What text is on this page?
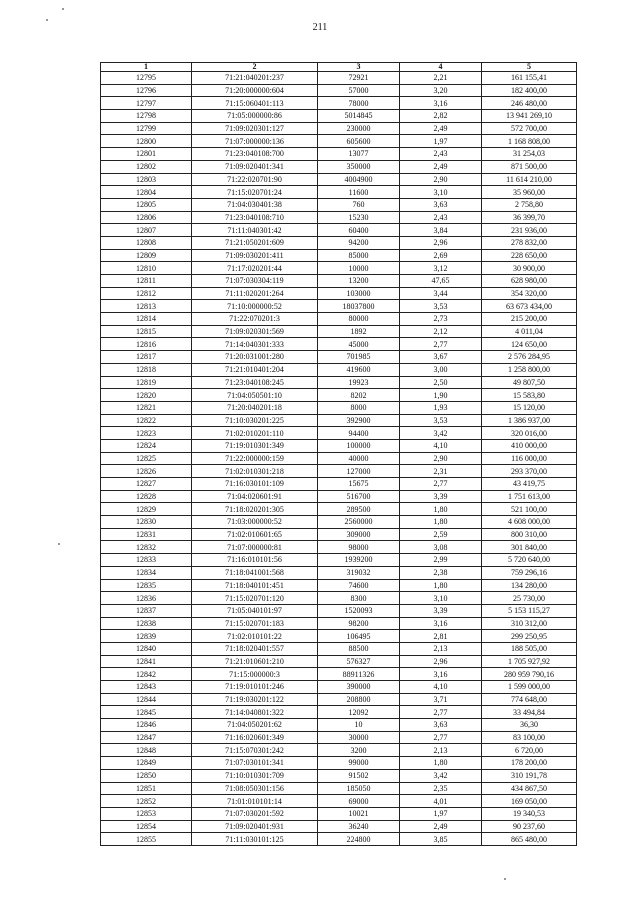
211
1	2	3	4	5
12795	71:21:040201:237	72921	2,21	161 155,41
12796	71:20:000000:604	57000	3,20	182 400,00
12797	71:15:060401:113	78000	3,16	246 480,00
12798	71:05:000000:86	5014845	2,82	13 941 269,10
12799	71:09:020301:127	230000	2,49	572 700,00
12800	71:07:000000:136	605600	1,97	1 168 808,00
12801	71:23:040108:700	13077	2,43	31 254,03
12802	71:09:020401:341	350000	2,49	871 500,00
12803	71:22:020701:90	4004900	2,90	11 614 210,00
12804	71:15:020701:24	11600	3,10	35 960,00
12805	71:04:030401:38	760	3,63	2 758,80
12806	71:23:040108:710	15230	2,43	36 399,70
12807	71:11:040301:42	60400	3,84	231 936,00
12808	71:21:050201:609	94200	2,96	278 832,00
12809	71:09:030201:411	85000	2,69	228 650,00
12810	71:17:020201:44	10000	3,12	30 900,00
12811	71:07:030304:119	13200	47,65	628 980,00
12812	71:11:020201:264	103000	3,44	354 320,00
12813	71:10:000000:52	18037800	3,53	63 673 434,00
12814	71:22:070201:3	80000	2,73	215 200,00
12815	71:09:020301:569	1892	2,12	4 011,04
12816	71:14:040301:333	45000	2,77	124 650,00
12817	71:20:031001:280	701985	3,67	2 576 284,95
12818	71:21:010401:204	419600	3,00	1 258 800,00
12819	71:23:040108:245	19923	2,50	49 807,50
12820	71:04:050501:10	8202	1,90	15 583,80
12821	71:20:040201:18	8000	1,93	15 120,00
12822	71:10:030201:225	392900	3,53	1 386 937,00
12823	71:02:010201:110	94400	3,42	320 016,00
12824	71:19:010301:349	100000	4,10	410 000,00
12825	71:22:000000:159	40000	2,90	116 000,00
12826	71:02:010301:218	127000	2,31	293 370,00
12827	71:16:030101:109	15675	2,77	43 419,75
12828	71:04:020601:91	516700	3,39	1 751 613,00
12829	71:18:020201:305	289500	1,80	521 100,00
12830	71:03:000000:52	2560000	1,80	4 608 000,00
12831	71:02:010601:65	309000	2,59	800 310,00
12832	71:07:000000:81	98000	3,08	301 840,00
12833	71:16:010101:56	1939200	2,99	5 720 640,00
12834	71:18:041001:568	319032	2,38	759 296,16
12835	71:18:040101:451	74600	1,80	134 280,00
12836	71:15:020701:120	8300	3,10	25 730,00
12837	71:05:040101:97	1520093	3,39	5 153 115,27
12838	71:15:020701:183	98200	3,16	310 312,00
12839	71:02:010101:22	106495	2,81	299 250,95
12840	71:18:020401:557	88500	2,13	188 505,00
12841	71:21:010601:210	576327	2,96	1 705 927,92
12842	71:15:000000:3	88911326	3,16	280 959 790,16
12843	71:19:010101:246	390000	4,10	1 599 000,00
12844	71:19:030201:122	208800	3,71	774 648,00
12845	71:14:040801:322	12092	2,77	33 494,84
12846	71:04:050201:62	10	3,63	36,30
12847	71:16:020601:349	30000	2,77	83 100,00
12848	71:15:070301:242	3200	2,13	6 720,00
12849	71:07:030101:341	99000	1,80	178 200,00
12850	71:10:010301:709	91502	3,42	310 191,78
12851	71:08:050301:156	185050	2,35	434 867,50
12852	71:01:010101:14	69000	4,01	169 050,00
12853	71:07:030201:592	10021	1,97	19 340,53
12854	71:09:020401:931	36240	2,49	90 237,60
12855	71:11:030101:125	224800	3,85	865 480,00
